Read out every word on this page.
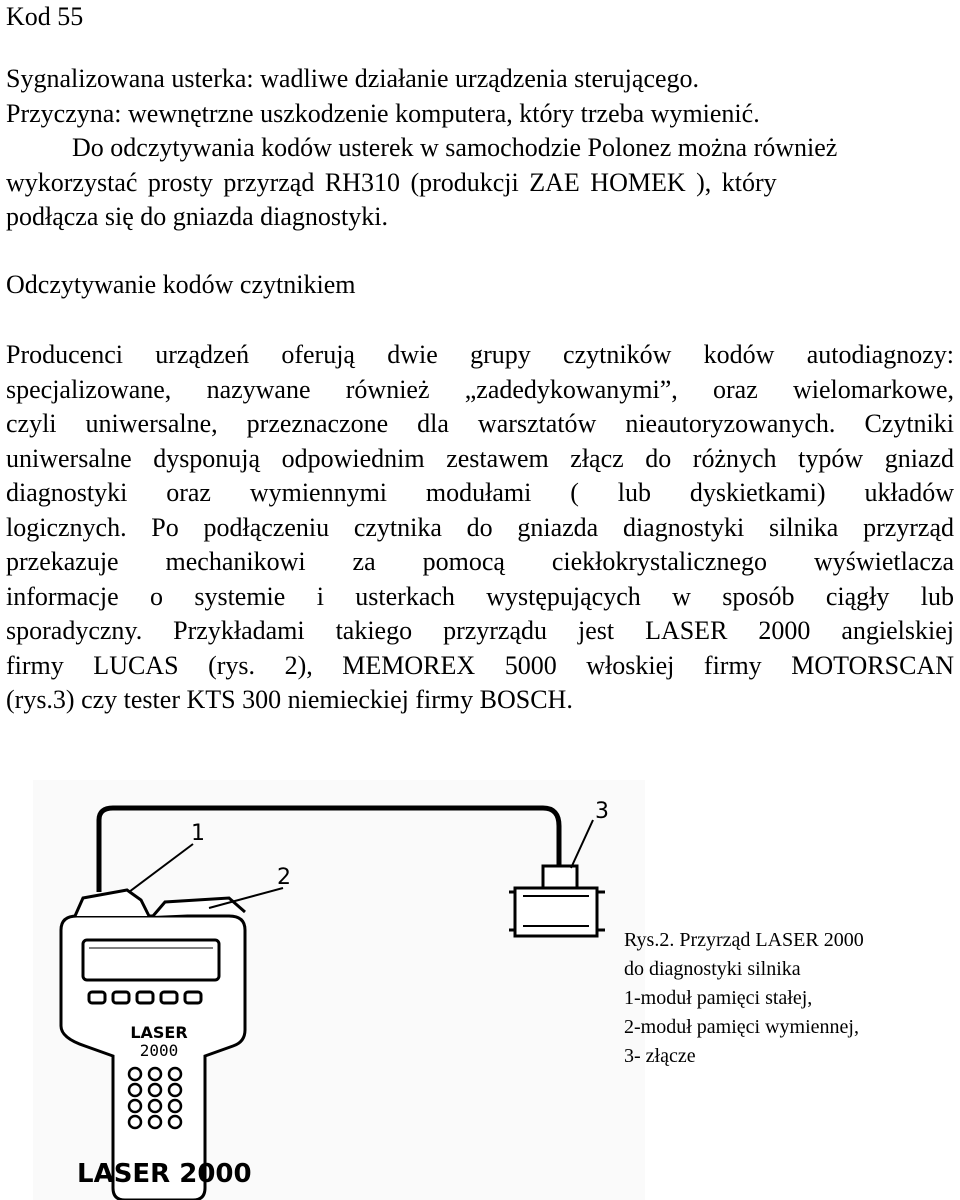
Kod 55
Sygnalizowana usterka: wadliwe działanie urządzenia sterującego.
Przyczyna: wewnętrzne uszkodzenie komputera, który trzeba wymienić.
Do odczytywania kodów usterek w samochodzie Polonez można również
wykorzystać prosty przyrząd RH310 (produkcji ZAE HOMEK ), który
podłącza się do gniazda diagnostyki.
Odczytywanie kodów czytnikiem
Producenci urządzeń oferują dwie grupy czytników kodów autodiagnozy:
specjalizowane, nazywane również „zadedykowanymi”, oraz wielomarkowe,
czyli uniwersalne, przeznaczone dla warsztatów nieautoryzowanych. Czytniki
uniwersalne dysponują odpowiednim zestawem złącz do różnych typów gniazd
diagnostyki oraz wymiennymi modułami ( lub dyskietkami) układów
logicznych. Po podłączeniu czytnika do gniazda diagnostyki silnika przyrząd
przekazuje mechanikowi za pomocą ciekłokrystalicznego wyświetlacza
informacje o systemie i usterkach występujących w sposób ciągły lub
sporadyczny. Przykładami takiego przyrządu jest LASER 2000 angielskiej
firmy LUCAS (rys. 2), MEMOREX 5000 włoskiej firmy MOTORSCAN
(rys.3) czy tester KTS 300 niemieckiej firmy BOSCH.
LASER
2000
1
2
3
LASER 2000
Rys.2. Przyrząd LASER 2000
do diagnostyki silnika
1-moduł pamięci stałej,
2-moduł pamięci wymiennej,
3- złącze
